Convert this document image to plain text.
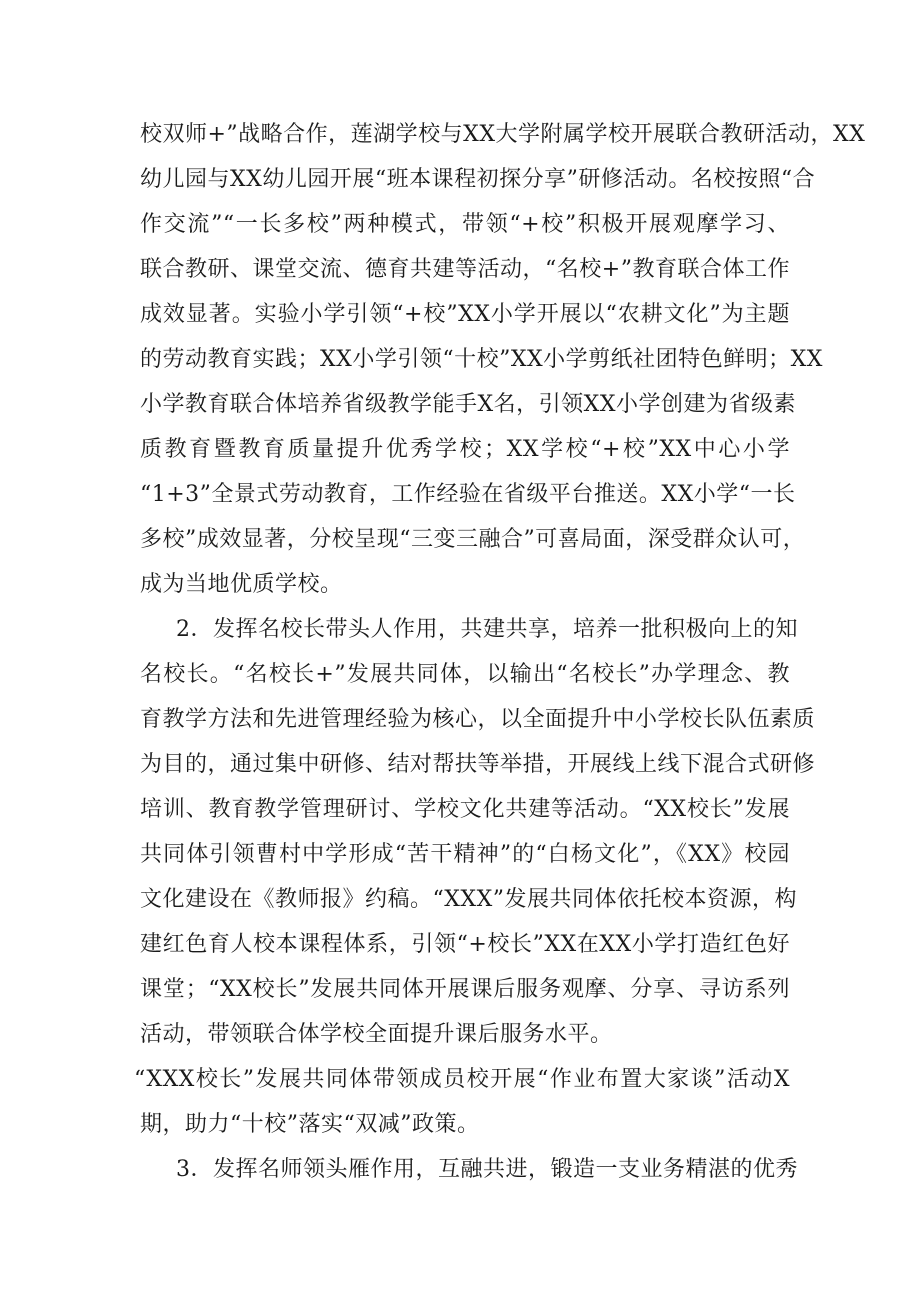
校双师+”战略合作，莲湖学校与XX大学附属学校开展联合教研活动，XX
幼儿园与XX幼儿园开展“班本课程初探分享”研修活动。名校按照“合
作交流”“一长多校”两种模式，带领“+校”积极开展观摩学习、
联合教研、课堂交流、德育共建等活动，“名校+”教育联合体工作
成效显著。实验小学引领“+校”XX小学开展以“农耕文化”为主题
的劳动教育实践；XX小学引领“十校”XX小学剪纸社团特色鲜明；XX
小学教育联合体培养省级教学能手X名，引领XX小学创建为省级素
质教育暨教育质量提升优秀学校；XX学校“+校”XX中心小学
“1+3”全景式劳动教育，工作经验在省级平台推送。XX小学“一长
多校”成效显著，分校呈现“三变三融合”可喜局面，深受群众认可，
成为当地优质学校。
2．发挥名校长带头人作用，共建共享，培养一批积极向上的知
名校长。“名校长+”发展共同体，以输出“名校长”办学理念、教
育教学方法和先进管理经验为核心，以全面提升中小学校长队伍素质
为目的，通过集中研修、结对帮扶等举措，开展线上线下混合式研修
培训、教育教学管理研讨、学校文化共建等活动。“XX校长”发展
共同体引领曹村中学形成“苦干精神”的“白杨文化”，《XX》校园
文化建设在《教师报》约稿。“XXX”发展共同体依托校本资源，构
建红色育人校本课程体系，引领“+校长”XX在XX小学打造红色好
课堂；“XX校长”发展共同体开展课后服务观摩、分享、寻访系列
活动，带领联合体学校全面提升课后服务水平。
“XXX校长”发展共同体带领成员校开展“作业布置大家谈”活动X
期，助力“十校”落实“双减”政策。
3．发挥名师领头雁作用，互融共进，锻造一支业务精湛的优秀
